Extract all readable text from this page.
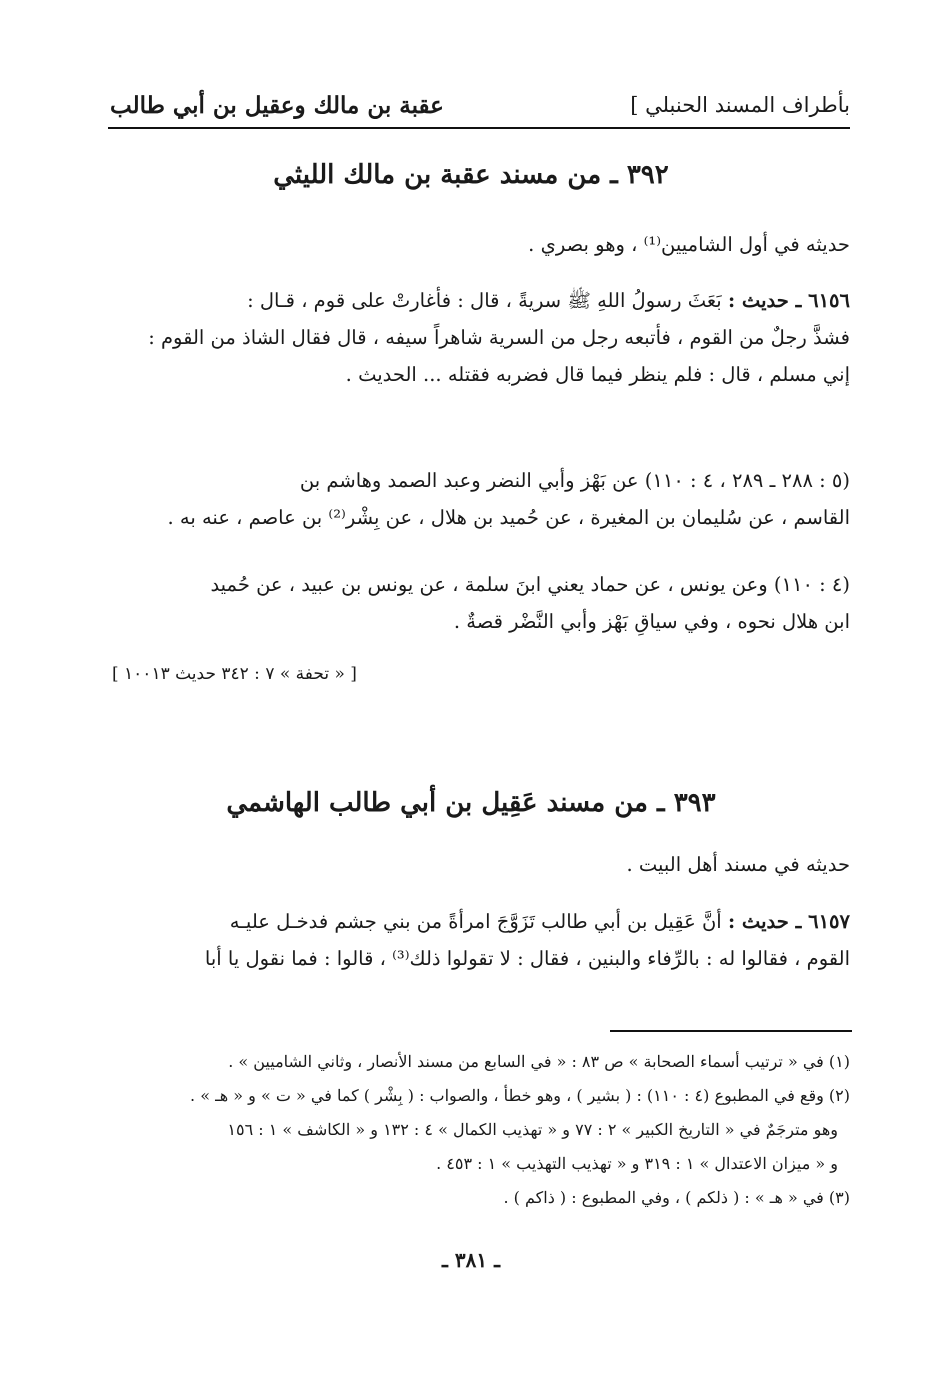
بأطراف المسند الحنبلي ]
عقبة بن مالك وعقيل بن أبي طالب
٣٩٢ ـ من مسند عقبة بن مالك الليثي
حديثه في أول الشاميين⁽¹⁾ ، وهو بصري .
٦١٥٦ ـ حديث : بَعَثَ رسولُ اللهِ ﷺ سريةً ، قال : فأغارتْ على قوم ، قـال :
فشذَّ رجلٌ من القوم ، فأتبعه رجل من السرية شاهراً سيفه ، قال فقال الشاذ من القوم :
إني مسلم ، قال : فلم ينظر فيما قال فضربه فقتله ... الحديث .
(٥ : ٢٨٨ ـ ٢٨٩ ، ٤ : ١١٠) عن بَهْز وأبي النضر وعبد الصمد وهاشم بن
القاسم ، عن سُليمان بن المغيرة ، عن حُميد بن هلال ، عن بِشْر⁽²⁾ بن عاصم ، عنه به .
(٤ : ١١٠) وعن يونس ، عن حماد يعني ابنَ سلمة ، عن يونس بن عبيد ، عن حُميد
ابن هلال نحوه ، وفي سياقِ بَهْز وأبي النَّضْر قصةٌ .
[ « تحفة » ٧ : ٣٤٢ حديث ١٠٠١٣ ]
٣٩٣ ـ من مسند عَقِيل بن أبي طالب الهاشمي
حديثه في مسند أهل البيت .
٦١٥٧ ـ حديث : أنَّ عَقِيل بن أبي طالب تَزَوَّجَ امرأةً من بني جشم فدخـل عليـه
القوم ، فقالوا له : بالرِّفاء والبنين ، فقال : لا تقولوا ذلك⁽³⁾ ، قالوا : فما نقول يا أبا
(١) في « ترتيب أسماء الصحابة » ص ٨٣ : « في السابع من مسند الأنصار ، وثاني الشاميين » .
(٢) وقع في المطبوع (٤ : ١١٠) : ( بشير ) ، وهو خطأ ، والصواب : ( بِشْر ) كما في « ت » و « هـ » .
وهو مترجَمٌ في « التاريخ الكبير » ٢ : ٧٧ و « تهذيب الكمال » ٤ : ١٣٢ و « الكاشف » ١ : ١٥٦
و « ميزان الاعتدال » ١ : ٣١٩ و « تهذيب التهذيب » ١ : ٤٥٣ .
(٣) في « هـ » : ( ذلكم ) ، وفي المطبوع : ( ذاكم ) .
ـ ٣٨١ ـ
